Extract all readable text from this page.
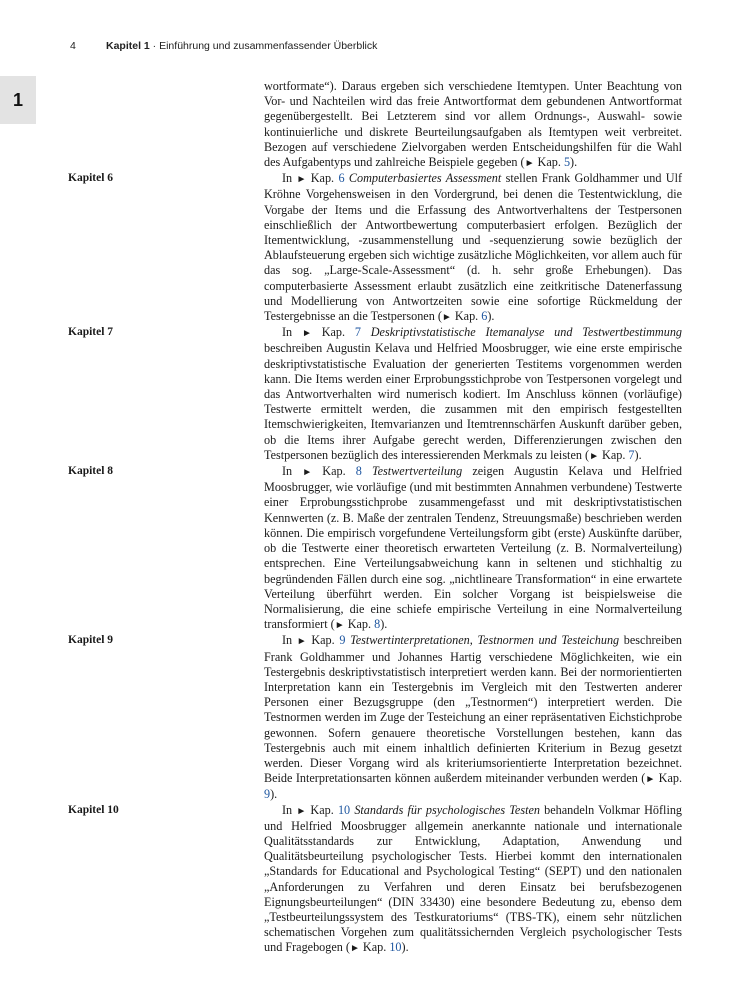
4	Kapitel 1 · Einführung und zusammenfassender Überblick
1

wortformate“). Daraus ergeben sich verschiedene Itemtypen. Unter Beachtung von Vor- und Nachteilen wird das freie Antwortformat dem gebundenen Antwortformat gegenübergestellt. Bei Letzterem sind vor allem Ordnungs-, Auswahl- sowie kontinuierliche und diskrete Beurteilungsaufgaben als Itemtypen weit verbreitet. Bezogen auf verschiedene Zielvorgaben werden Entscheidungshilfen für die Wahl des Aufgabentyps und zahlreiche Beispiele gegeben (► Kap. 5).

Kapitel 6	In ► Kap. 6 Computerbasiertes Assessment stellen Frank Goldhammer und Ulf Kröhne Vorgehensweisen in den Vordergrund, bei denen die Testentwicklung, die Vorgabe der Items und die Erfassung des Antwortverhaltens der Testpersonen einschließlich der Antwortbewertung computerbasiert erfolgen. Bezüglich der Itementwicklung, -zusammenstellung und -sequenzierung sowie bezüglich der Ablaufsteuerung ergeben sich wichtige zusätzliche Möglichkeiten, vor allem auch für das sog. „Large-Scale-Assessment“ (d. h. sehr große Erhebungen). Das computerbasierte Assessment erlaubt zusätzlich eine zeitkritische Datenerfassung und Modellierung von Antwortzeiten sowie eine sofortige Rückmeldung der Testergebnisse an die Testpersonen (► Kap. 6).

Kapitel 7	In ► Kap. 7 Deskriptivstatistische Itemanalyse und Testwertbestimmung beschreiben Augustin Kelava und Helfried Moosbrugger, wie eine erste empirische deskriptivstatistische Evaluation der generierten Testitems vorgenommen werden kann. Die Items werden einer Erprobungsstichprobe von Testpersonen vorgelegt und das Antwortverhalten wird numerisch kodiert. Im Anschluss können (vorläufige) Testwerte ermittelt werden, die zusammen mit den empirisch festgestellten Itemschwierigkeiten, Itemvarianzen und Itemtrennschärfen Auskunft darüber geben, ob die Items ihrer Aufgabe gerecht werden, Differenzierungen zwischen den Testpersonen bezüglich des interessierenden Merkmals zu leisten (► Kap. 7).

Kapitel 8	In ► Kap. 8 Testwertverteilung zeigen Augustin Kelava und Helfried Moosbrugger, wie vorläufige (und mit bestimmten Annahmen verbundene) Testwerte einer Erprobungsstichprobe zusammengefasst und mit deskriptivstatistischen Kennwerten (z. B. Maße der zentralen Tendenz, Streuungsmaße) beschrieben werden können. Die empirisch vorgefundene Verteilungsform gibt (erste) Auskünfte darüber, ob die Testwerte einer theoretisch erwarteten Verteilung (z. B. Normalverteilung) entsprechen. Eine Verteilungsabweichung kann in seltenen und stichhaltig zu begründenden Fällen durch eine sog. „nichtlineare Transformation“ in eine erwartete Verteilung überführt werden. Ein solcher Vorgang ist beispielsweise die Normalisierung, die eine schiefe empirische Verteilung in eine Normalverteilung transformiert (► Kap. 8).

Kapitel 9	In ► Kap. 9 Testwertinterpretationen, Testnormen und Testeichung beschreiben Frank Goldhammer und Johannes Hartig verschiedene Möglichkeiten, wie ein Testergebnis deskriptivstatistisch interpretiert werden kann. Bei der normorientierten Interpretation kann ein Testergebnis im Vergleich mit den Testwerten anderer Personen einer Bezugsgruppe (den „Testnormen“) interpretiert werden. Die Testnormen werden im Zuge der Testeichung an einer repräsentativen Eichstichprobe gewonnen. Sofern genauere theoretische Vorstellungen bestehen, kann das Testergebnis auch mit einem inhaltlich definierten Kriterium in Bezug gesetzt werden. Dieser Vorgang wird als kriteriumsorientierte Interpretation bezeichnet. Beide Interpretationsarten können außerdem miteinander verbunden werden (► Kap. 9).

Kapitel 10	In ► Kap. 10 Standards für psychologisches Testen behandeln Volkmar Höfling und Helfried Moosbrugger allgemein anerkannte nationale und internationale Qualitätsstandards zur Entwicklung, Adaptation, Anwendung und Qualitätsbeurteilung psychologischer Tests. Hierbei kommt den internationalen „Standards for Educational and Psychological Testing“ (SEPT) und den nationalen „Anforderungen zu Verfahren und deren Einsatz bei berufsbezogenen Eignungsbeurteilungen“ (DIN 33430) eine besondere Bedeutung zu, ebenso dem „Testbeurteilungssystem des Testkuratoriums“ (TBS-TK), einem sehr nützlichen schematischen Vorgehen zum qualitätssichernden Vergleich psychologischer Tests und Fragebogen (► Kap. 10).
